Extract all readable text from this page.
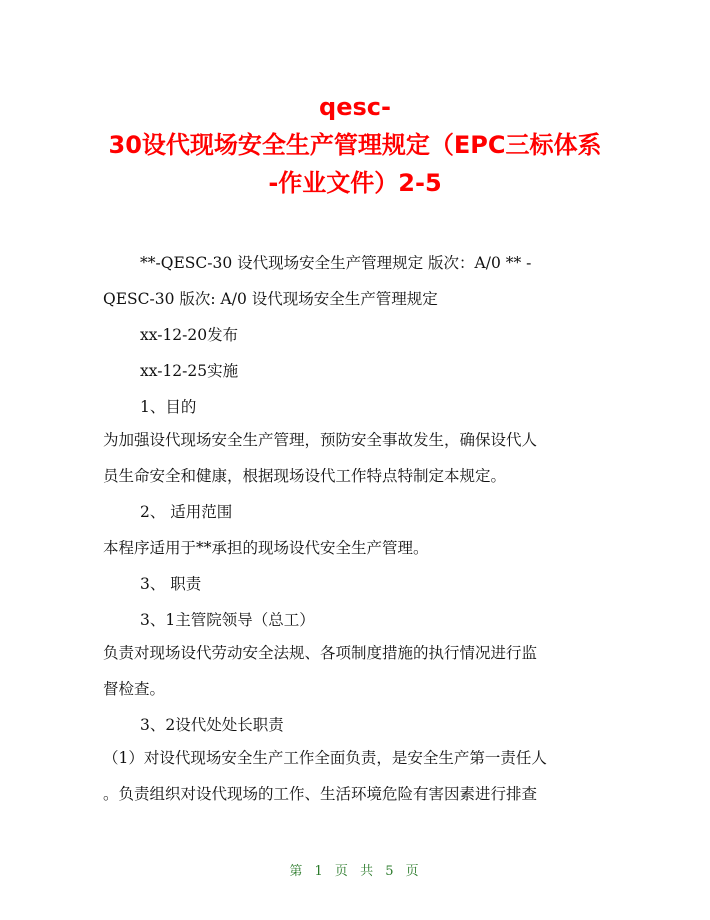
qesc-
30设代现场安全生产管理规定（EPC三标体系
-作业文件）2-5
**-QESC-30 设代现场安全生产管理规定 版次：A/0 ** -
QESC-30 版次: A/0 设代现场安全生产管理规定
xx-12-20发布
xx-12-25实施
1、目的
为加强设代现场安全生产管理，预防安全事故发生，确保设代人
员生命安全和健康，根据现场设代工作特点特制定本规定。
2、 适用范围
本程序适用于**承担的现场设代安全生产管理。
3、 职责
3、1主管院领导（总工）
负责对现场设代劳动安全法规、各项制度措施的执行情况进行监
督检查。
3、2设代处处长职责
（1）对设代现场安全生产工作全面负责，是安全生产第一责任人
。负责组织对设代现场的工作、生活环境危险有害因素进行排查
第 1 页 共 5 页
